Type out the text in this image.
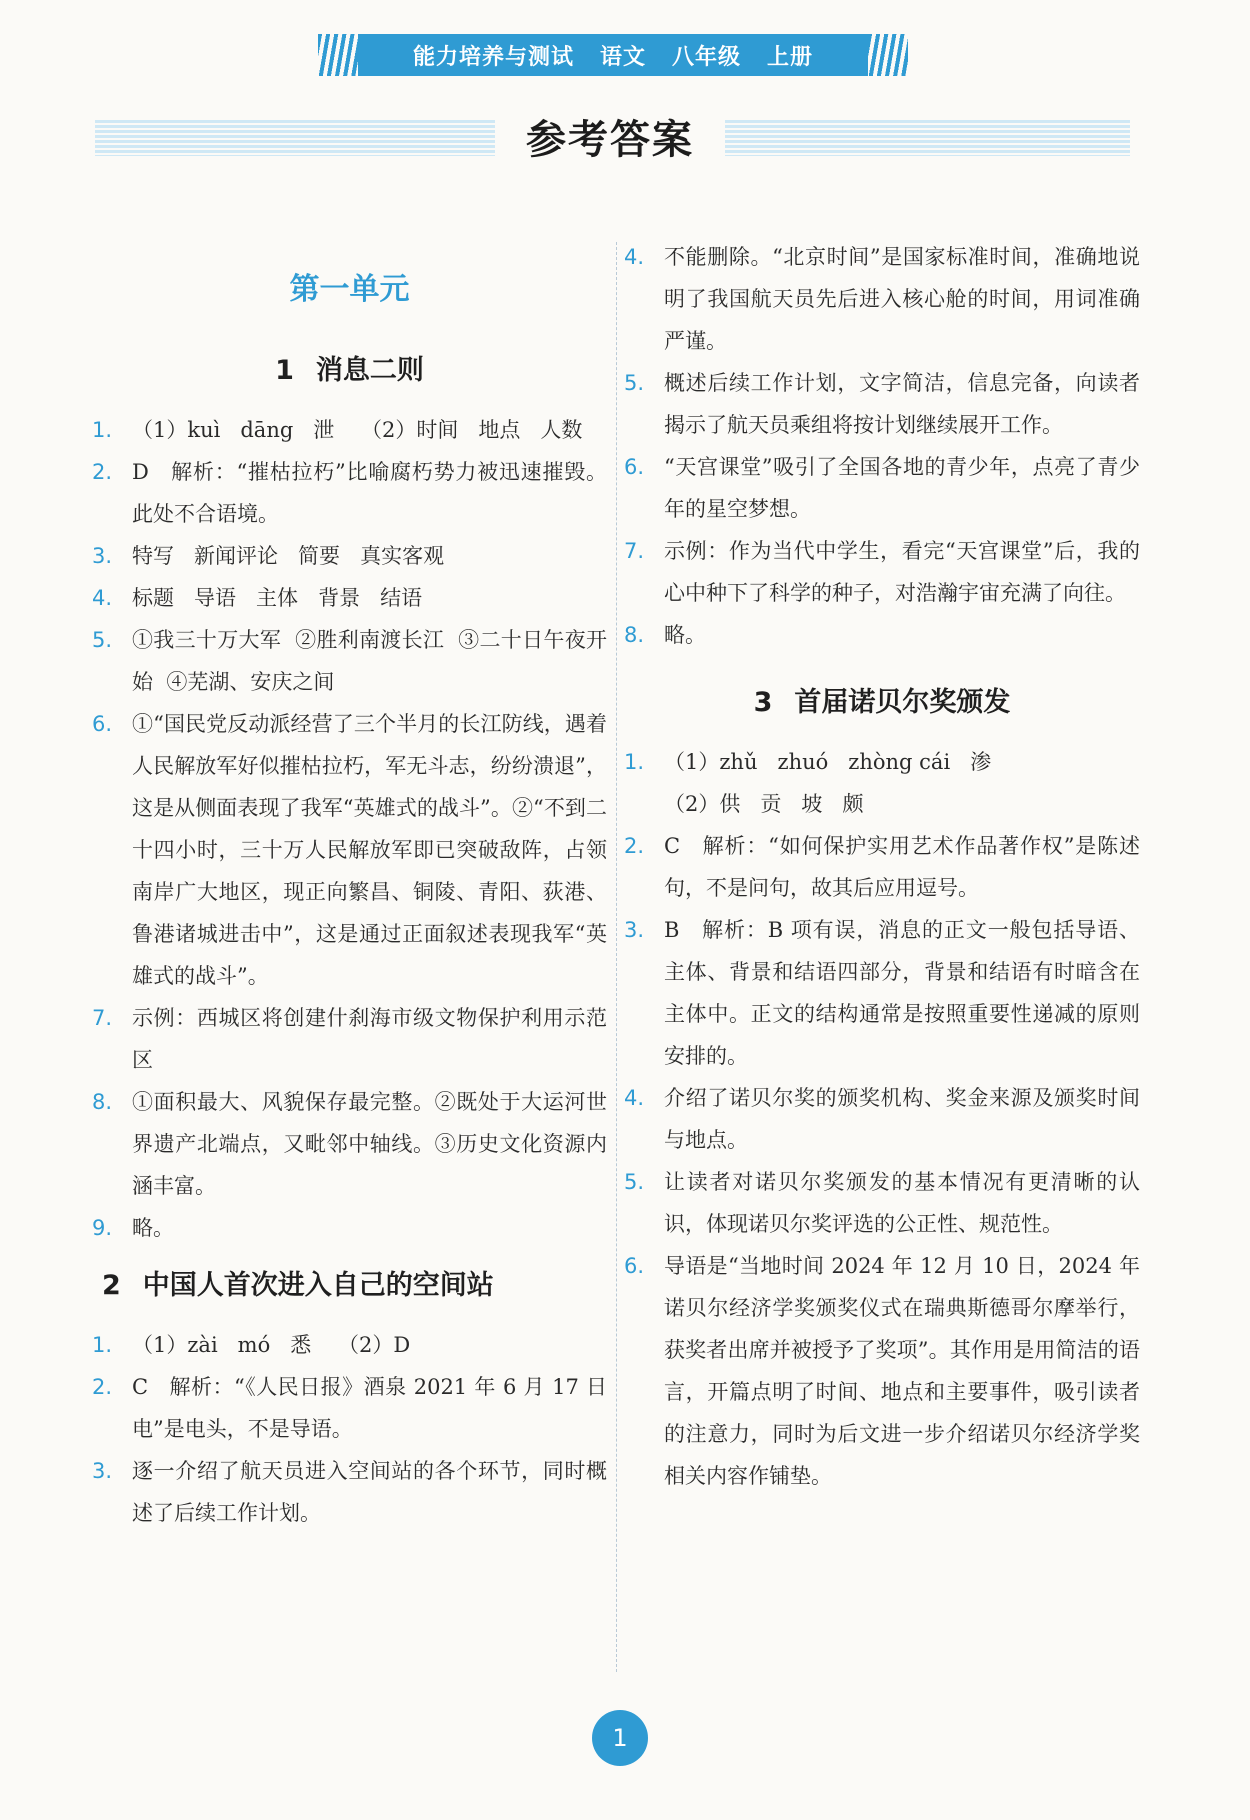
能力培养与测试   语文   八年级   上册
参考答案
第一单元
1 消息二则
1. （1）kuì   dāng   泄    （2）时间   地点   人数
2. D   解析：“摧枯拉朽”比喻腐朽势力被迅速摧毁。此处不合语境。
3. 特写   新闻评论   简要   真实客观
4. 标题   导语   主体   背景   结语
5. ①我三十万大军  ②胜利南渡长江  ③二十日午夜开始  ④芜湖、安庆之间
6. ①“国民党反动派经营了三个半月的长江防线，遇着人民解放军好似摧枯拉朽，军无斗志，纷纷溃退”，这是从侧面表现了我军“英雄式的战斗”。②“不到二十四小时，三十万人民解放军即已突破敌阵，占领南岸广大地区，现正向繁昌、铜陵、青阳、荻港、鲁港诸城进击中”，这是通过正面叙述表现我军“英雄式的战斗”。
7. 示例：西城区将创建什刹海市级文物保护利用示范区
8. ①面积最大、风貌保存最完整。②既处于大运河世界遗产北端点，又毗邻中轴线。③历史文化资源内涵丰富。
9. 略。
2 中国人首次进入自己的空间站
1. （1）zài   mó   悉    （2）D
2. C   解析：“《人民日报》酒泉 2021 年 6 月 17 日电”是电头，不是导语。
3. 逐一介绍了航天员进入空间站的各个环节，同时概述了后续工作计划。
4. 不能删除。“北京时间”是国家标准时间，准确地说明了我国航天员先后进入核心舱的时间，用词准确严谨。
5. 概述后续工作计划，文字简洁，信息完备，向读者揭示了航天员乘组将按计划继续展开工作。
6. “天宫课堂”吸引了全国各地的青少年，点亮了青少年的星空梦想。
7. 示例：作为当代中学生，看完“天宫课堂”后，我的心中种下了科学的种子，对浩瀚宇宙充满了向往。
8. 略。
3 首届诺贝尔奖颁发
1. （1）zhǔ   zhuó   zhòng cái   渗
（2）供   贡   坡   颇
2. C   解析：“如何保护实用艺术作品著作权”是陈述句，不是问句，故其后应用逗号。
3. B   解析：B 项有误，消息的正文一般包括导语、主体、背景和结语四部分，背景和结语有时暗含在主体中。正文的结构通常是按照重要性递减的原则安排的。
4. 介绍了诺贝尔奖的颁奖机构、奖金来源及颁奖时间与地点。
5. 让读者对诺贝尔奖颁发的基本情况有更清晰的认识，体现诺贝尔奖评选的公正性、规范性。
6. 导语是“当地时间 2024 年 12 月 10 日，2024 年诺贝尔经济学奖颁奖仪式在瑞典斯德哥尔摩举行，获奖者出席并被授予了奖项”。其作用是用简洁的语言，开篇点明了时间、地点和主要事件，吸引读者的注意力，同时为后文进一步介绍诺贝尔经济学奖相关内容作铺垫。
1
